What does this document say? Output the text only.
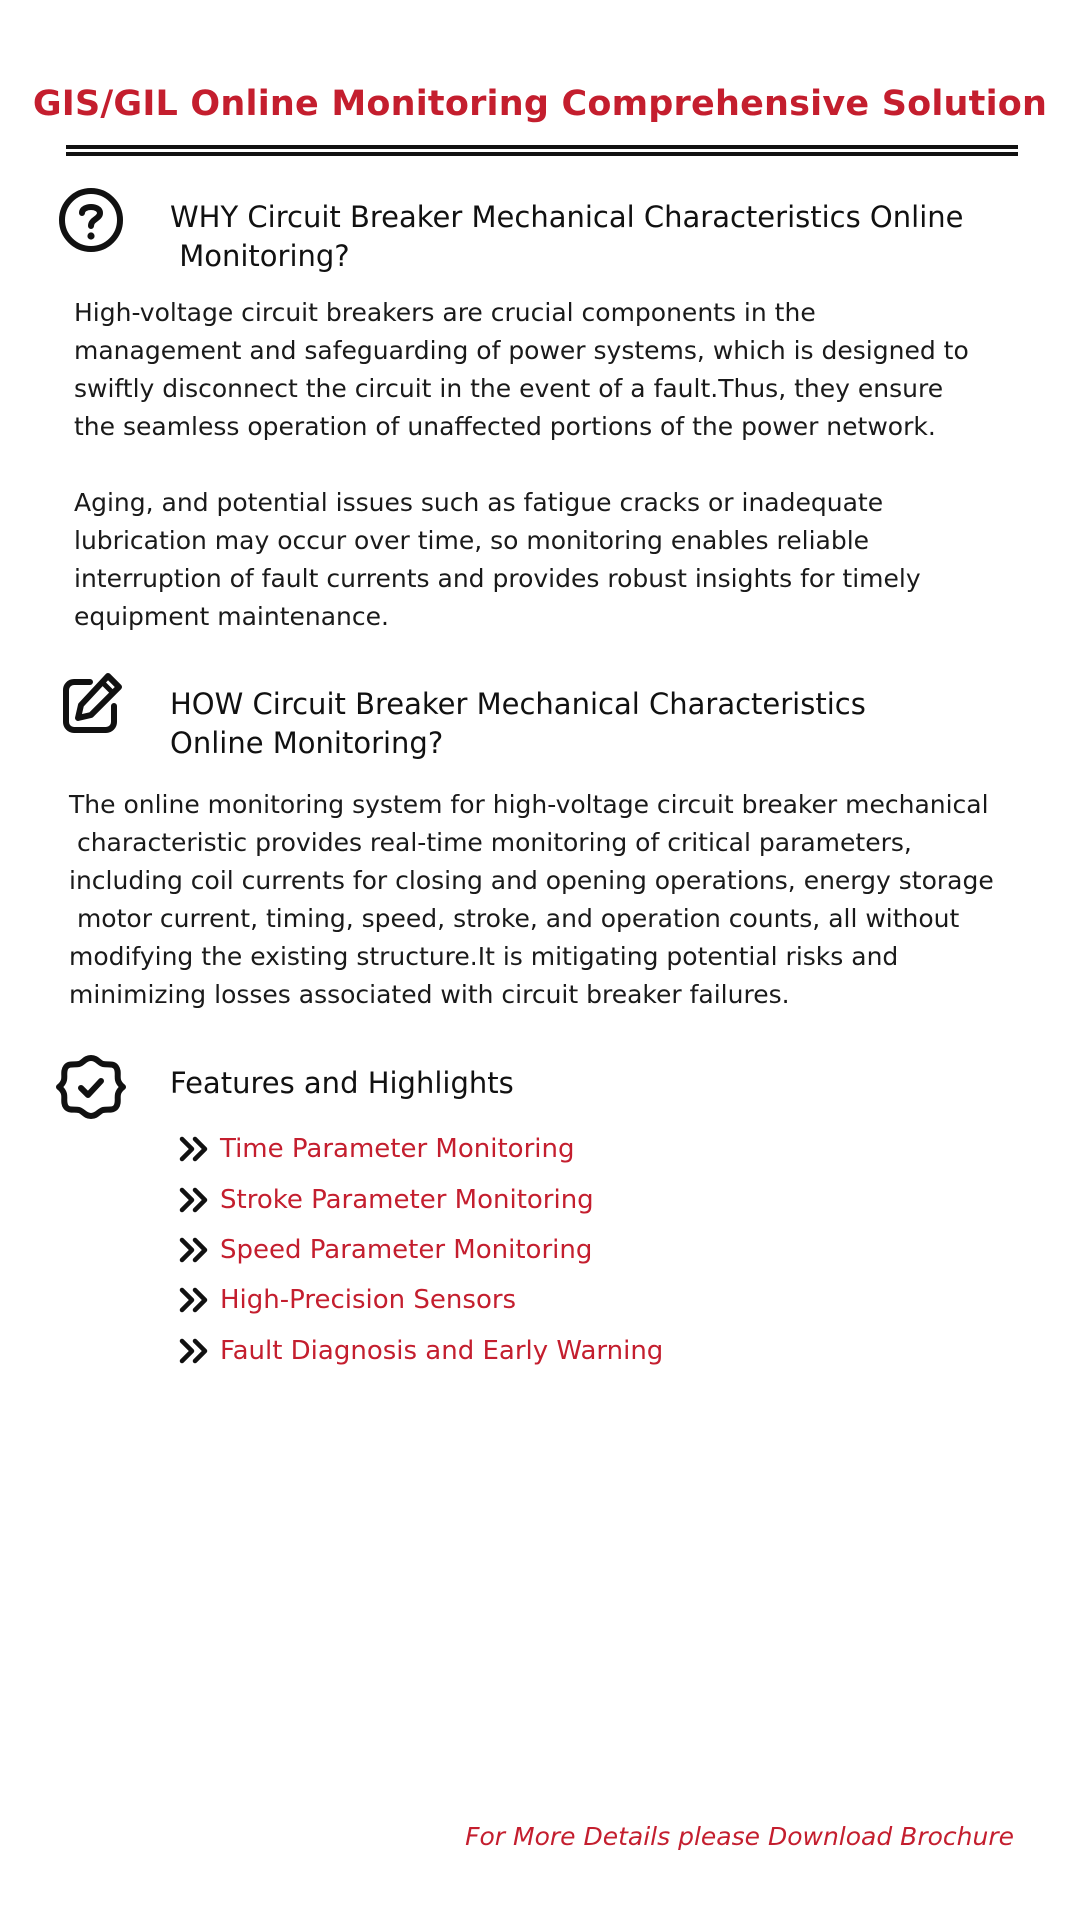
GIS/GIL Online Monitoring Comprehensive Solution
WHY Circuit Breaker Mechanical Characteristics Online
Monitoring?
High-voltage circuit breakers are crucial components in the
management and safeguarding of power systems, which is designed to
swiftly disconnect the circuit in the event of a fault.Thus, they ensure
the seamless operation of unaffected portions of the power network.
Aging, and potential issues such as fatigue cracks or inadequate
lubrication may occur over time, so monitoring enables reliable
interruption of fault currents and provides robust insights for timely
equipment maintenance.
HOW Circuit Breaker Mechanical Characteristics
Online Monitoring?
The online monitoring system for high-voltage circuit breaker mechanical
characteristic provides real-time monitoring of critical parameters,
including coil currents for closing and opening operations, energy storage
motor current, timing, speed, stroke, and operation counts, all without
modifying the existing structure.It is mitigating potential risks and
minimizing losses associated with circuit breaker failures.
Features and Highlights
Time Parameter Monitoring
Stroke Parameter Monitoring
Speed Parameter Monitoring
High-Precision Sensors
Fault Diagnosis and Early Warning
For More Details please Download Brochure
